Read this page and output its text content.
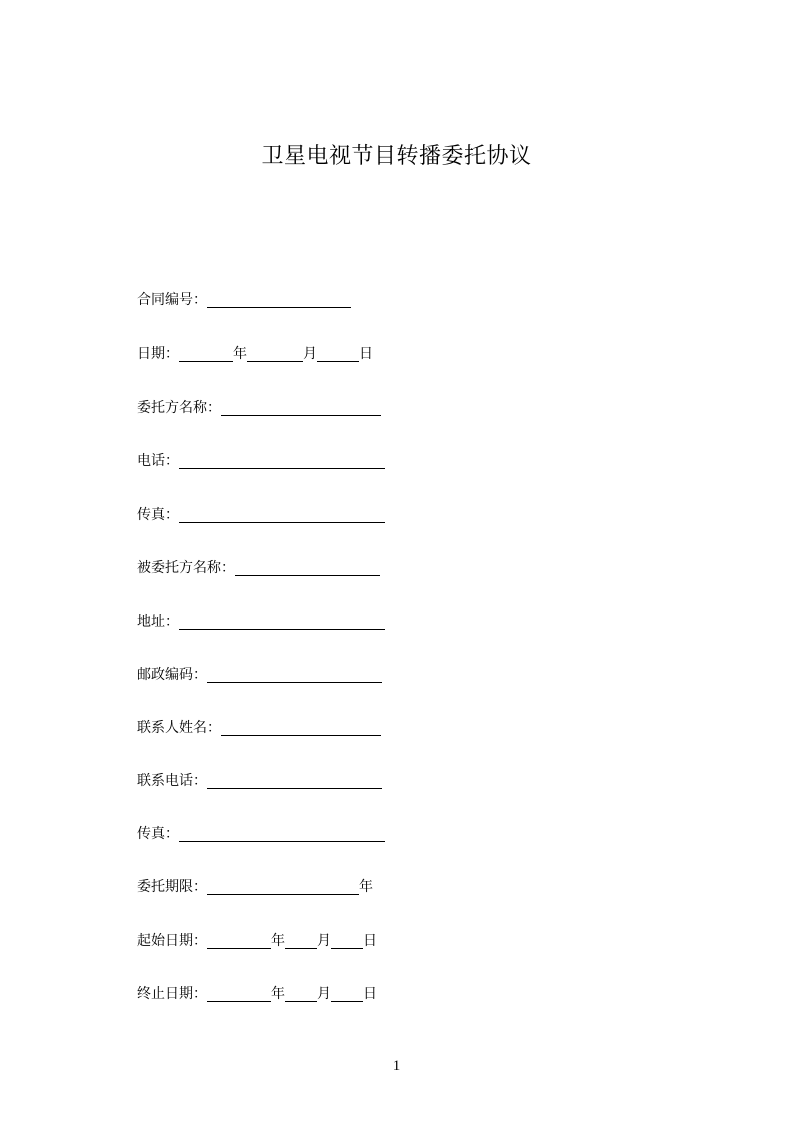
卫星电视节目转播委托协议
合同编号：
日期：	年	月	日
委托方名称：
电话：
传真：
被委托方名称：
地址：
邮政编码：
联系人姓名：
联系电话：
传真：
委托期限：	年
起始日期：	年 月 日
终止日期：	年 月 日
1
